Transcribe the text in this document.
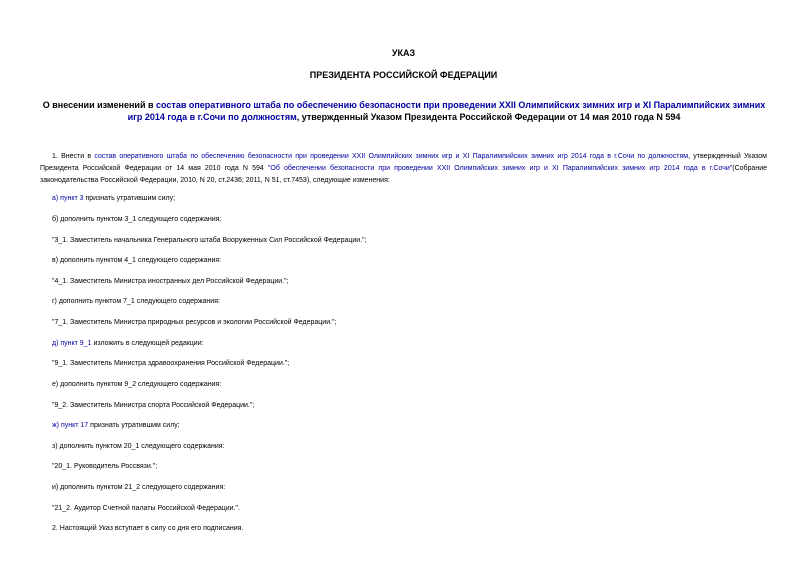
УКАЗ
ПРЕЗИДЕНТА РОССИЙСКОЙ ФЕДЕРАЦИИ
О внесении изменений в состав оперативного штаба по обеспечению безопасности при проведении XXII Олимпийских зимних игр и XI Паралимпийских зимних игр 2014 года в г.Сочи по должностям, утвержденный Указом Президента Российской Федерации от 14 мая 2010 года N 594
1. Внести в состав оперативного штаба по обеспечению безопасности при проведении XXII Олимпийских зимних игр и XI Паралимпийских зимних игр 2014 года в г.Сочи по должностям, утвержденный Указом Президента Российской Федерации от 14 мая 2010 года N 594 "Об обеспечении безопасности при проведении XXII Олимпийских зимних игр и XI Паралимпийских зимних игр 2014 года в г.Сочи"(Собрание законодательства Российской Федерации, 2010, N 20, ст.2436; 2011, N 51, ст.7453), следующие изменения:
а) пункт 3 признать утратившим силу;
б) дополнить пунктом 3_1 следующего содержания:
"3_1. Заместитель начальника Генерального штаба Вооруженных Сил Российской Федерации.";
в) дополнить пунктом 4_1 следующего содержания:
"4_1. Заместитель Министра иностранных дел Российской Федерации.";
г) дополнить пунктом 7_1 следующего содержания:
"7_1. Заместитель Министра природных ресурсов и экологии Российской Федерации.";
д) пункт 9_1 изложить в следующей редакции:
"9_1. Заместитель Министра здравоохранения Российской Федерации.";
е) дополнить пунктом 9_2 следующего содержания:
"9_2. Заместитель Министра спорта Российской Федерации.";
ж) пункт 17 признать утратившим силу;
з) дополнить пунктом 20_1 следующего содержания:
"20_1. Руководитель Россвязи.";
и) дополнить пунктом 21_2 следующего содержания:
"21_2. Аудитор Счетной палаты Российской Федерации.".
2. Настоящий Указ вступает в силу со дня его подписания.
